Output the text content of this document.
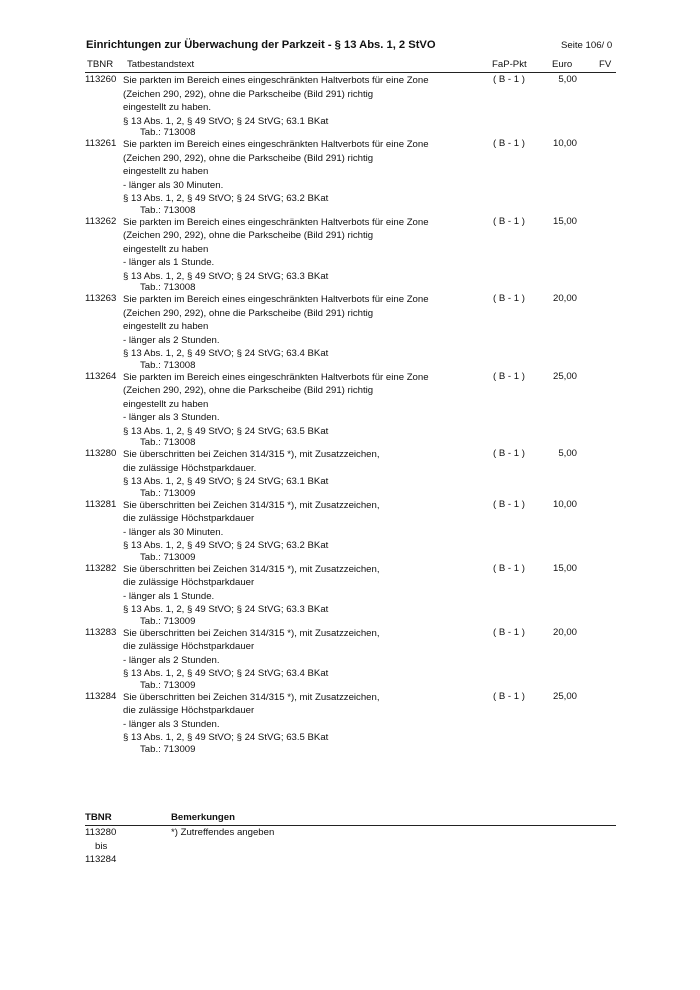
Einrichtungen zur Überwachung der Parkzeit - § 13 Abs. 1, 2 StVO	Seite 106/ 0
TBNR Tatbestandstext	FaP-Pkt	Euro	FV
113260 Sie parkten im Bereich eines eingeschränkten Haltverbots für eine Zone
(Zeichen 290, 292), ohne die Parkscheibe (Bild 291) richtig
eingestellt zu haben.
§ 13 Abs. 1, 2, § 49 StVO; § 24 StVG; 63.1 BKat
Tab.: 713008
( B - 1 )	5,00
113261 Sie parkten im Bereich eines eingeschränkten Haltverbots für eine Zone
(Zeichen 290, 292), ohne die Parkscheibe (Bild 291) richtig
eingestellt zu haben
- länger als 30 Minuten.
§ 13 Abs. 1, 2, § 49 StVO; § 24 StVG; 63.2 BKat
Tab.: 713008
( B - 1 )	10,00
113262 Sie parkten im Bereich eines eingeschränkten Haltverbots für eine Zone
(Zeichen 290, 292), ohne die Parkscheibe (Bild 291) richtig
eingestellt zu haben
- länger als 1 Stunde.
§ 13 Abs. 1, 2, § 49 StVO; § 24 StVG; 63.3 BKat
Tab.: 713008
( B - 1 )	15,00
113263 Sie parkten im Bereich eines eingeschränkten Haltverbots für eine Zone
(Zeichen 290, 292), ohne die Parkscheibe (Bild 291) richtig
eingestellt zu haben
- länger als 2 Stunden.
§ 13 Abs. 1, 2, § 49 StVO; § 24 StVG; 63.4 BKat
Tab.: 713008
( B - 1 )	20,00
113264 Sie parkten im Bereich eines eingeschränkten Haltverbots für eine Zone
(Zeichen 290, 292), ohne die Parkscheibe (Bild 291) richtig
eingestellt zu haben
- länger als 3 Stunden.
§ 13 Abs. 1, 2, § 49 StVO; § 24 StVG; 63.5 BKat
Tab.: 713008
( B - 1 )	25,00
113280 Sie überschritten bei Zeichen 314/315 *), mit Zusatzzeichen,
die zulässige Höchstparkdauer.
§ 13 Abs. 1, 2, § 49 StVO; § 24 StVG; 63.1 BKat
Tab.: 713009
( B - 1 )	5,00
113281 Sie überschritten bei Zeichen 314/315 *), mit Zusatzzeichen,
die zulässige Höchstparkdauer
- länger als 30 Minuten.
§ 13 Abs. 1, 2, § 49 StVO; § 24 StVG; 63.2 BKat
Tab.: 713009
( B - 1 )	10,00
113282 Sie überschritten bei Zeichen 314/315 *), mit Zusatzzeichen,
die zulässige Höchstparkdauer
- länger als 1 Stunde.
§ 13 Abs. 1, 2, § 49 StVO; § 24 StVG; 63.3 BKat
Tab.: 713009
( B - 1 )	15,00
113283 Sie überschritten bei Zeichen 314/315 *), mit Zusatzzeichen,
die zulässige Höchstparkdauer
- länger als 2 Stunden.
§ 13 Abs. 1, 2, § 49 StVO; § 24 StVG; 63.4 BKat
Tab.: 713009
( B - 1 )	20,00
113284 Sie überschritten bei Zeichen 314/315 *), mit Zusatzzeichen,
die zulässige Höchstparkdauer
- länger als 3 Stunden.
§ 13 Abs. 1, 2, § 49 StVO; § 24 StVG; 63.5 BKat
Tab.: 713009
( B - 1 )	25,00
TBNR	Bemerkungen
113280
bis
113284
*) Zutreffendes angeben
